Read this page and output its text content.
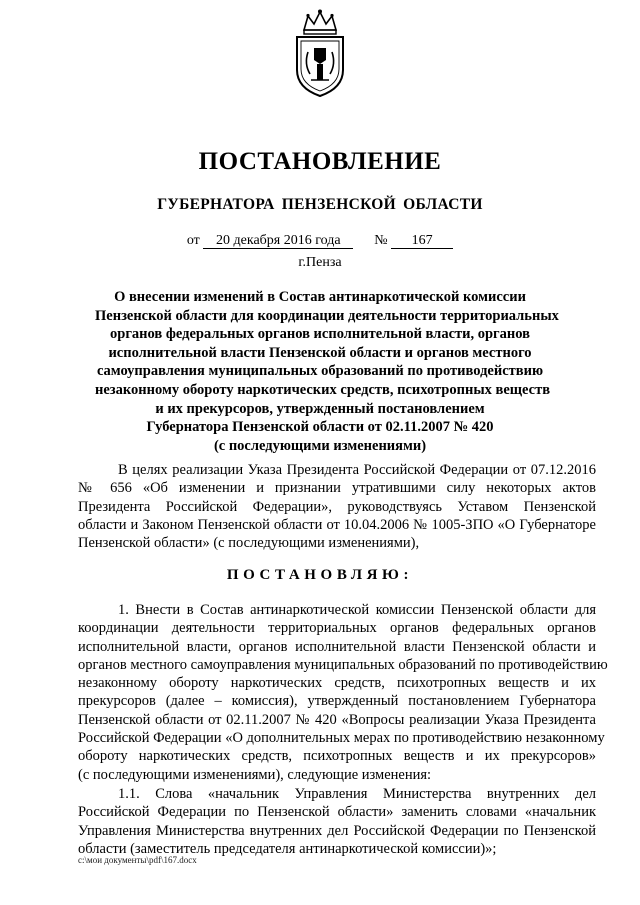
ПОСТАНОВЛЕНИЕ
ГУБЕРНАТОРА ПЕНЗЕНСКОЙ ОБЛАСТИ
от 20 декабря 2016 года № 167
г.Пенза
О внесении изменений в Состав антинаркотической комиссии
Пензенской области для координации деятельности территориальных
органов федеральных органов исполнительной власти, органов
исполнительной власти Пензенской области и органов местного
самоуправления муниципальных образований по противодействию
незаконному обороту наркотических средств, психотропных веществ
и их прекурсоров, утвержденный постановлением
Губернатора Пензенской области от 02.11.2007 № 420
(с последующими изменениями)
В целях реализации Указа Президента Российской Федерации от 07.12.2016
№ 656 «Об изменении и признании утратившими силу некоторых актов
Президента Российской Федерации», руководствуясь Уставом Пензенской
области и Законом Пензенской области от 10.04.2006 № 1005-ЗПО «О Губернаторе
Пензенской области» (с последующими изменениями),
ПОСТАНОВЛЯЮ:
1. Внести в Состав антинаркотической комиссии Пензенской области для
координации деятельности территориальных органов федеральных органов
исполнительной власти, органов исполнительной власти Пензенской области и
органов местного самоуправления муниципальных образований по противодействию
незаконному обороту наркотических средств, психотропных веществ и их
прекурсоров (далее – комиссия), утвержденный постановлением Губернатора
Пензенской области от 02.11.2007 № 420 «Вопросы реализации Указа Президента
Российской Федерации «О дополнительных мерах по противодействию незаконному
обороту наркотических средств, психотропных веществ и их прекурсоров»
(с последующими изменениями), следующие изменения:
1.1. Слова «начальник Управления Министерства внутренних дел
Российской Федерации по Пензенской области» заменить словами «начальник
Управления Министерства внутренних дел Российской Федерации по Пензенской
области (заместитель председателя антинаркотической комиссии)»;
c:\мои документы\pdf\167.docx
